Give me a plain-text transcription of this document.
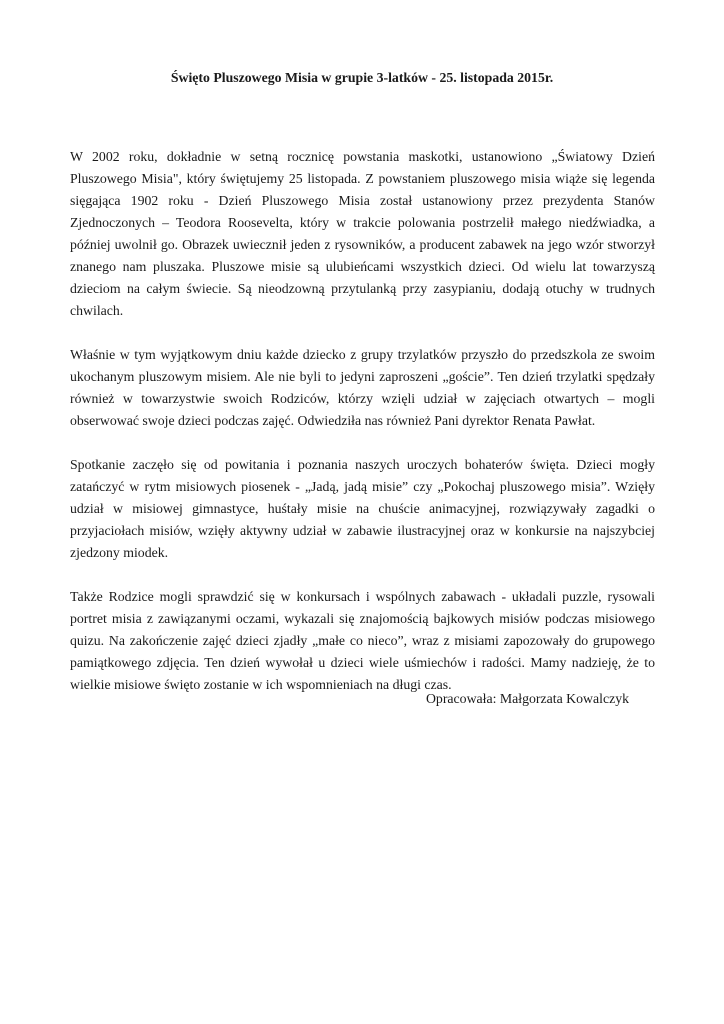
Święto Pluszowego Misia w grupie 3-latków - 25. listopada 2015r.

W 2002 roku, dokładnie w setną rocznicę powstania maskotki, ustanowiono „Światowy Dzień Pluszowego Misia", który świętujemy 25 listopada. Z powstaniem pluszowego misia wiąże się legenda sięgająca 1902 roku - Dzień Pluszowego Misia został ustanowiony przez prezydenta Stanów Zjednoczonych – Teodora Roosevelta, który w trakcie polowania postrzelił małego niedźwiadka, a później uwolnił go. Obrazek uwiecznił jeden z rysowników, a producent zabawek na jego wzór stworzył znanego nam pluszaka. Pluszowe misie są ulubieńcami wszystkich dzieci. Od wielu lat towarzyszą dzieciom na całym świecie. Są nieodzowną przytulanką przy zasypianiu, dodają otuchy w trudnych chwilach.

Właśnie w tym wyjątkowym dniu każde dziecko z grupy trzylatków przyszło do przedszkola ze swoim ukochanym pluszowym misiem. Ale nie byli to jedyni zaproszeni „goście”. Ten dzień trzylatki spędzały również w towarzystwie swoich Rodziców, którzy wzięli udział w zajęciach otwartych – mogli obserwować swoje dzieci podczas zajęć. Odwiedziła nas również Pani dyrektor Renata Pawłat.

Spotkanie zaczęło się od powitania i poznania naszych uroczych bohaterów święta. Dzieci mogły zatańczyć w rytm misiowych piosenek - „Jadą, jadą misie” czy „Pokochaj pluszowego misia”. Wzięły udział w misiowej gimnastyce, huśtały misie na chuście animacyjnej, rozwiązywały zagadki o przyjaciołach misiów, wzięły aktywny udział w zabawie ilustracyjnej oraz w konkursie na najszybciej zjedzony miodek.

Także Rodzice mogli sprawdzić się w konkursach i wspólnych zabawach - układali puzzle, rysowali portret misia z zawiązanymi oczami, wykazali się znajomością bajkowych misiów podczas misiowego quizu. Na zakończenie zajęć dzieci zjadły „małe co nieco”, wraz z misiami zapozowały do grupowego pamiątkowego zdjęcia. Ten dzień wywołał u dzieci wiele uśmiechów i radości. Mamy nadzieję, że to wielkie misiowe święto zostanie w ich wspomnieniach na długi czas.

Opracowała: Małgorzata Kowalczyk
